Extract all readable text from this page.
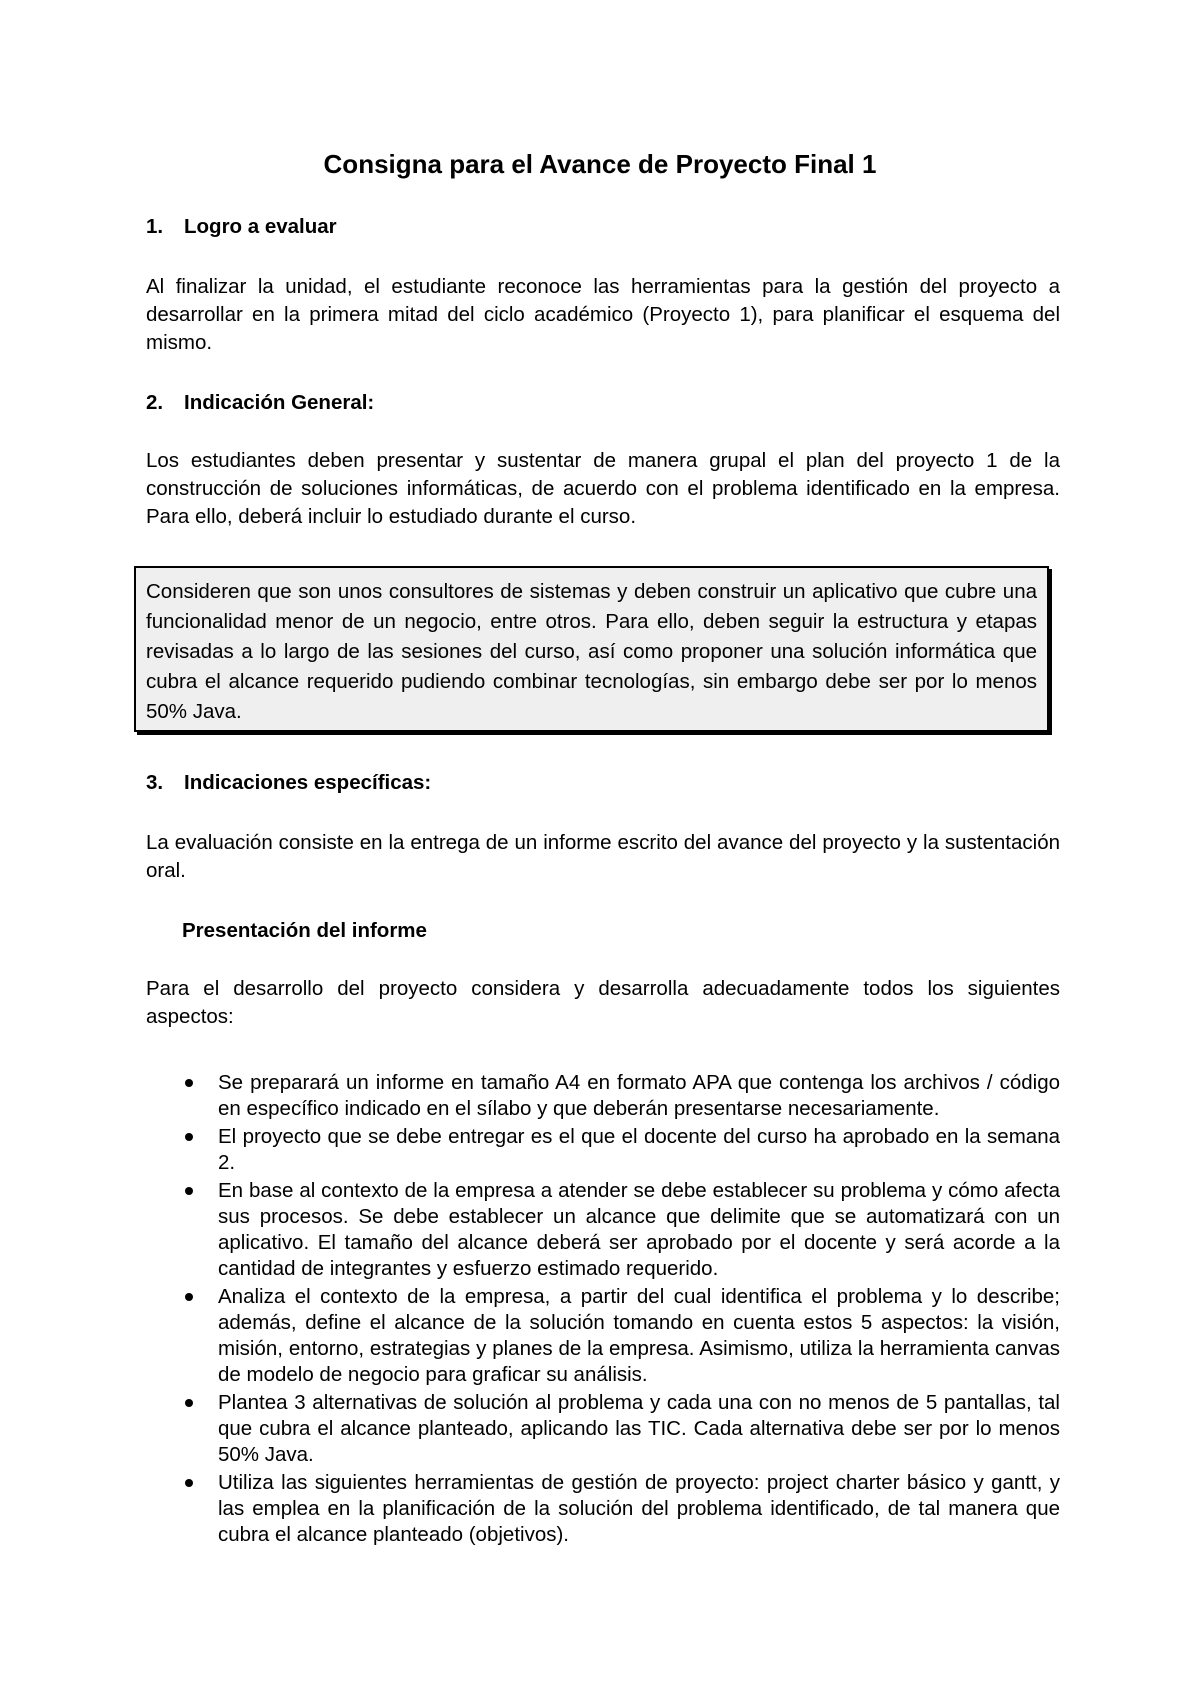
Consigna para el Avance de Proyecto Final 1
1. Logro a evaluar
Al finalizar la unidad, el estudiante reconoce las herramientas para la gestión del proyecto a desarrollar en la primera mitad del ciclo académico (Proyecto 1), para planificar el esquema del mismo.
2. Indicación General:
Los estudiantes deben presentar y sustentar de manera grupal el plan del proyecto 1 de la construcción de soluciones informáticas, de acuerdo con el problema identificado en la empresa. Para ello, deberá incluir lo estudiado durante el curso.
Consideren que son unos consultores de sistemas y deben construir un aplicativo que cubre una funcionalidad menor de un negocio, entre otros. Para ello, deben seguir la estructura y etapas revisadas a lo largo de las sesiones del curso, así como proponer una solución informática que cubra el alcance requerido pudiendo combinar tecnologías, sin embargo debe ser por lo menos 50% Java.
3. Indicaciones específicas:
La evaluación consiste en la entrega de un informe escrito del avance del proyecto y la sustentación oral.
Presentación del informe
Para el desarrollo del proyecto considera y desarrolla adecuadamente todos los siguientes aspectos:
Se preparará un informe en tamaño A4 en formato APA que contenga los archivos / código en específico indicado en el sílabo y que deberán presentarse necesariamente.
El proyecto que se debe entregar es el que el docente del curso ha aprobado en la semana 2.
En base al contexto de la empresa a atender se debe establecer su problema y cómo afecta sus procesos. Se debe establecer un alcance que delimite que se automatizará con un aplicativo. El tamaño del alcance deberá ser aprobado por el docente y será acorde a la cantidad de integrantes y esfuerzo estimado requerido.
Analiza el contexto de la empresa, a partir del cual identifica el problema y lo describe; además, define el alcance de la solución tomando en cuenta estos 5 aspectos: la visión, misión, entorno, estrategias y planes de la empresa. Asimismo, utiliza la herramienta canvas de modelo de negocio para graficar su análisis.
Plantea 3 alternativas de solución al problema y cada una con no menos de 5 pantallas, tal que cubra el alcance planteado, aplicando las TIC. Cada alternativa debe ser por lo menos 50% Java.
Utiliza las siguientes herramientas de gestión de proyecto: project charter básico y gantt, y las emplea en la planificación de la solución del problema identificado, de tal manera que cubra el alcance planteado (objetivos).
